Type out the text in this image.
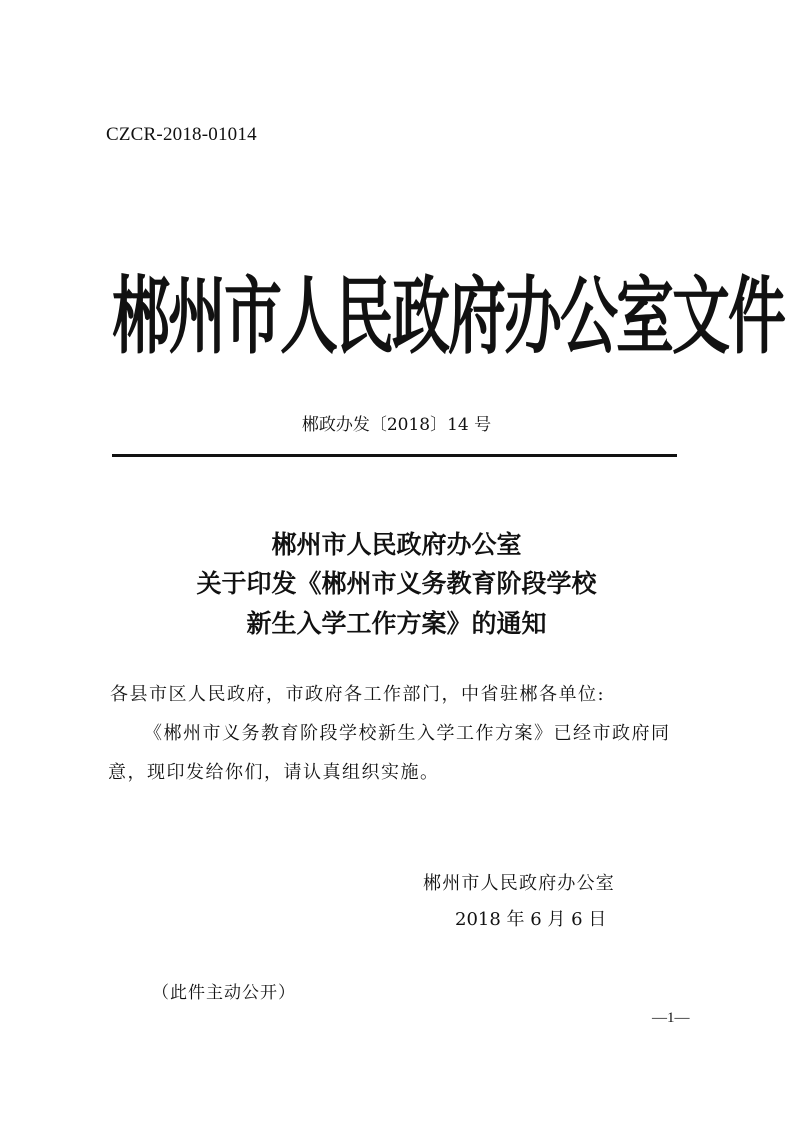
CZCR-2018-01014
郴州市人民政府办公室文件
郴政办发〔2018〕14 号
郴州市人民政府办公室
关于印发《郴州市义务教育阶段学校
新生入学工作方案》的通知
各县市区人民政府，市政府各工作部门，中省驻郴各单位:
《郴州市义务教育阶段学校新生入学工作方案》已经市政府同
意，现印发给你们，请认真组织实施。
郴州市人民政府办公室
2018 年 6 月 6 日
（此件主动公开）
—1—
